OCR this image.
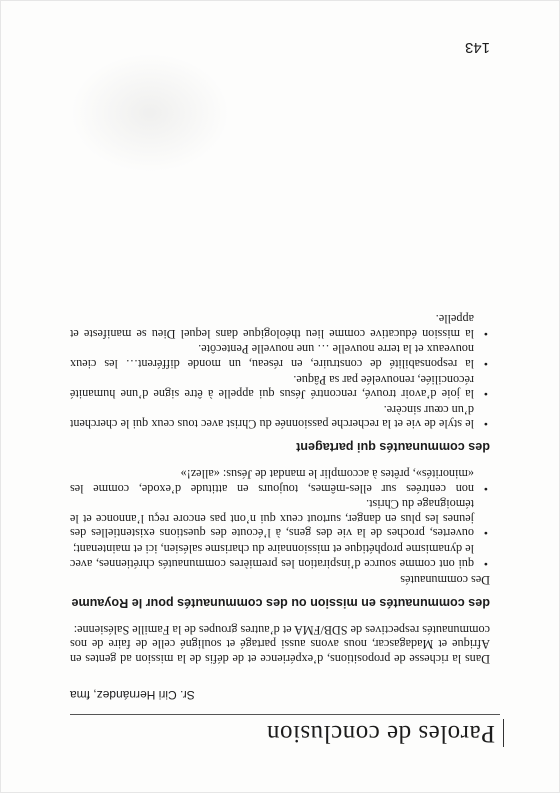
Paroles de conclusion
Sr. Ciri Hernández, fma

Dans la richesse de propositions, d’expérience et de défis de la mission ad gentes en Afrique et Madagascar, nous avons aussi partagé et souligné celle de faire de nos communautés respectives de SDB/FMA et d’autres groupes de la Famille Salésienne:

des communautés en mission ou des communautés pour le Royaume
Des communautés
•
qui ont comme source d’inspiration les premières communautés chrétiennes, avec le dynamisme prophétique et missionnaire du charisme salésien, ici et maintenant;
•
ouvertes, proches de la vie des gens, à l’écoute des questions existentielles des jeunes les plus en danger, surtout ceux qui n’ont pas encore reçu l’annonce et le témoignage du Christ.
•
non centrées sur elles-mêmes, toujours en attitude d’exode, comme les «minorités», prêtes à accomplir le mandat de Jésus: «allez!»
des communautés qui partagent
•
le style de vie et la recherche passionnée du Christ avec tous ceux qui le cherchent d’un cœur sincère.
•
la joie d’avoir trouvé, rencontré Jésus qui appelle à être signe d’une humanité réconciliée, renouvelée par sa Pâque.
•
la responsabilité de construire, en réseau, un monde différent… les cieux nouveaux et la terre nouvelle … une nouvelle Pentecôte.
•
la mission éducative comme lieu théologique dans lequel Dieu se manifeste et appelle.
143
